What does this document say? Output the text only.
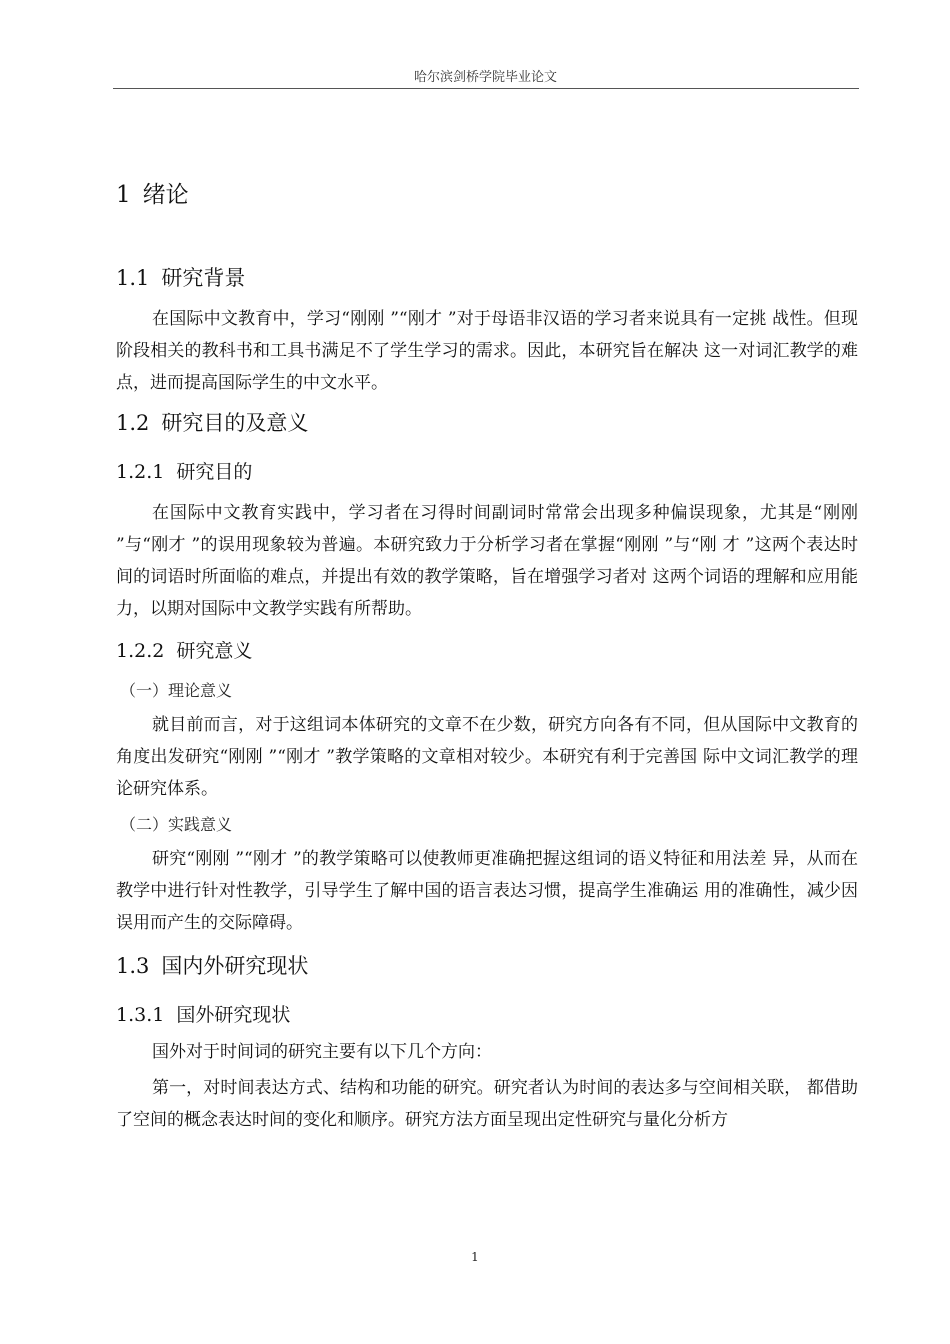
哈尔滨剑桥学院毕业论文
1 绪论
1.1 研究背景

在国际中文教育中，学习“刚刚 ”“刚才 ”对于母语非汉语的学习者来说具有一定挑 战性。但现阶段相关的教科书和工具书满足不了学生学习的需求。因此，本研究旨在解决 这一对词汇教学的难点，进而提高国际学生的中文水平。

1.2 研究目的及意义
1.2.1 研究目的

在国际中文教育实践中，学习者在习得时间副词时常常会出现多种偏误现象，尤其是“刚刚 ”与“刚才 ”的误用现象较为普遍。本研究致力于分析学习者在掌握“刚刚 ”与“刚 才 ”这两个表达时间的词语时所面临的难点，并提出有效的教学策略，旨在增强学习者对 这两个词语的理解和应用能力，以期对国际中文教学实践有所帮助。

1.2.2 研究意义
（一）理论意义

就目前而言，对于这组词本体研究的文章不在少数，研究方向各有不同，但从国际中文教育的角度出发研究“刚刚 ”“刚才 ”教学策略的文章相对较少。本研究有利于完善国 际中文词汇教学的理论研究体系。

（二）实践意义

研究“刚刚 ”“刚才 ”的教学策略可以使教师更准确把握这组词的语义特征和用法差 异，从而在教学中进行针对性教学，引导学生了解中国的语言表达习惯，提高学生准确运 用的准确性，减少因误用而产生的交际障碍。

1.3 国内外研究现状
1.3.1 国外研究现状

国外对于时间词的研究主要有以下几个方向：

第一，对时间表达方式、结构和功能的研究。研究者认为时间的表达多与空间相关联， 都借助了空间的概念表达时间的变化和顺序。研究方法方面呈现出定性研究与量化分析方

1
